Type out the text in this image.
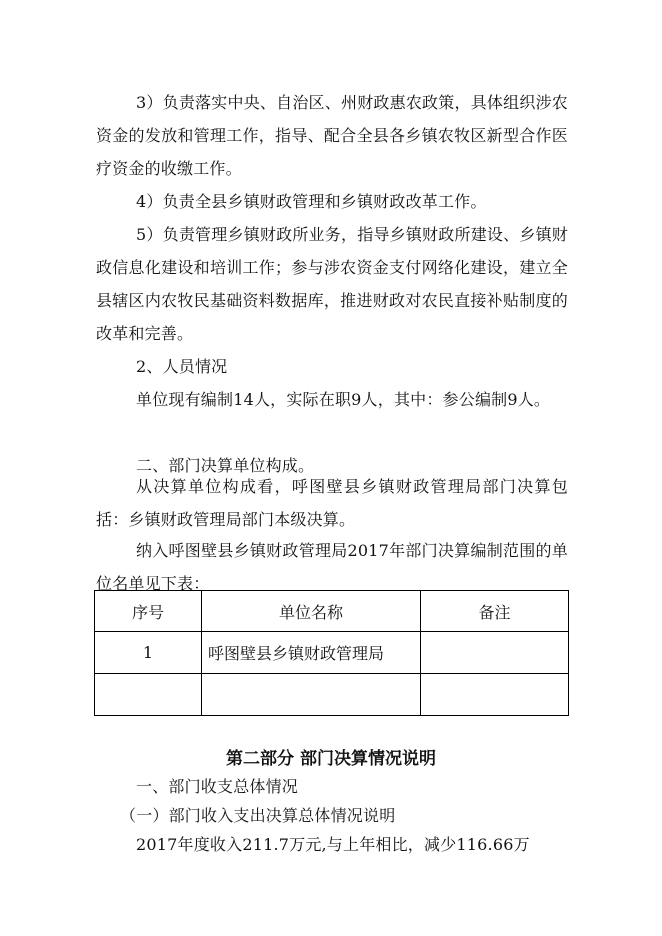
3）负责落实中央、自治区、州财政惠农政策，具体组织涉农资金的发放和管理工作，指导、配合全县各乡镇农牧区新型合作医疗资金的收缴工作。

4）负责全县乡镇财政管理和乡镇财政改革工作。

5）负责管理乡镇财政所业务，指导乡镇财政所建设、乡镇财政信息化建设和培训工作；参与涉农资金支付网络化建设，建立全县辖区内农牧民基础资料数据库，推进财政对农民直接补贴制度的改革和完善。

2、人员情况

单位现有编制14人，实际在职9人，其中：参公编制9人。

二、部门决算单位构成。

从决算单位构成看，呼图壁县乡镇财政管理局部门决算包括：乡镇财政管理局部门本级决算。

纳入呼图壁县乡镇财政管理局2017年部门决算编制范围的单位名单见下表：

序号	单位名称	备注
1	呼图壁县乡镇财政管理局	

第二部分 部门决算情况说明

一、部门收支总体情况

（一）部门收入支出决算总体情况说明

2017年度收入211.7万元,与上年相比，减少116.66万
